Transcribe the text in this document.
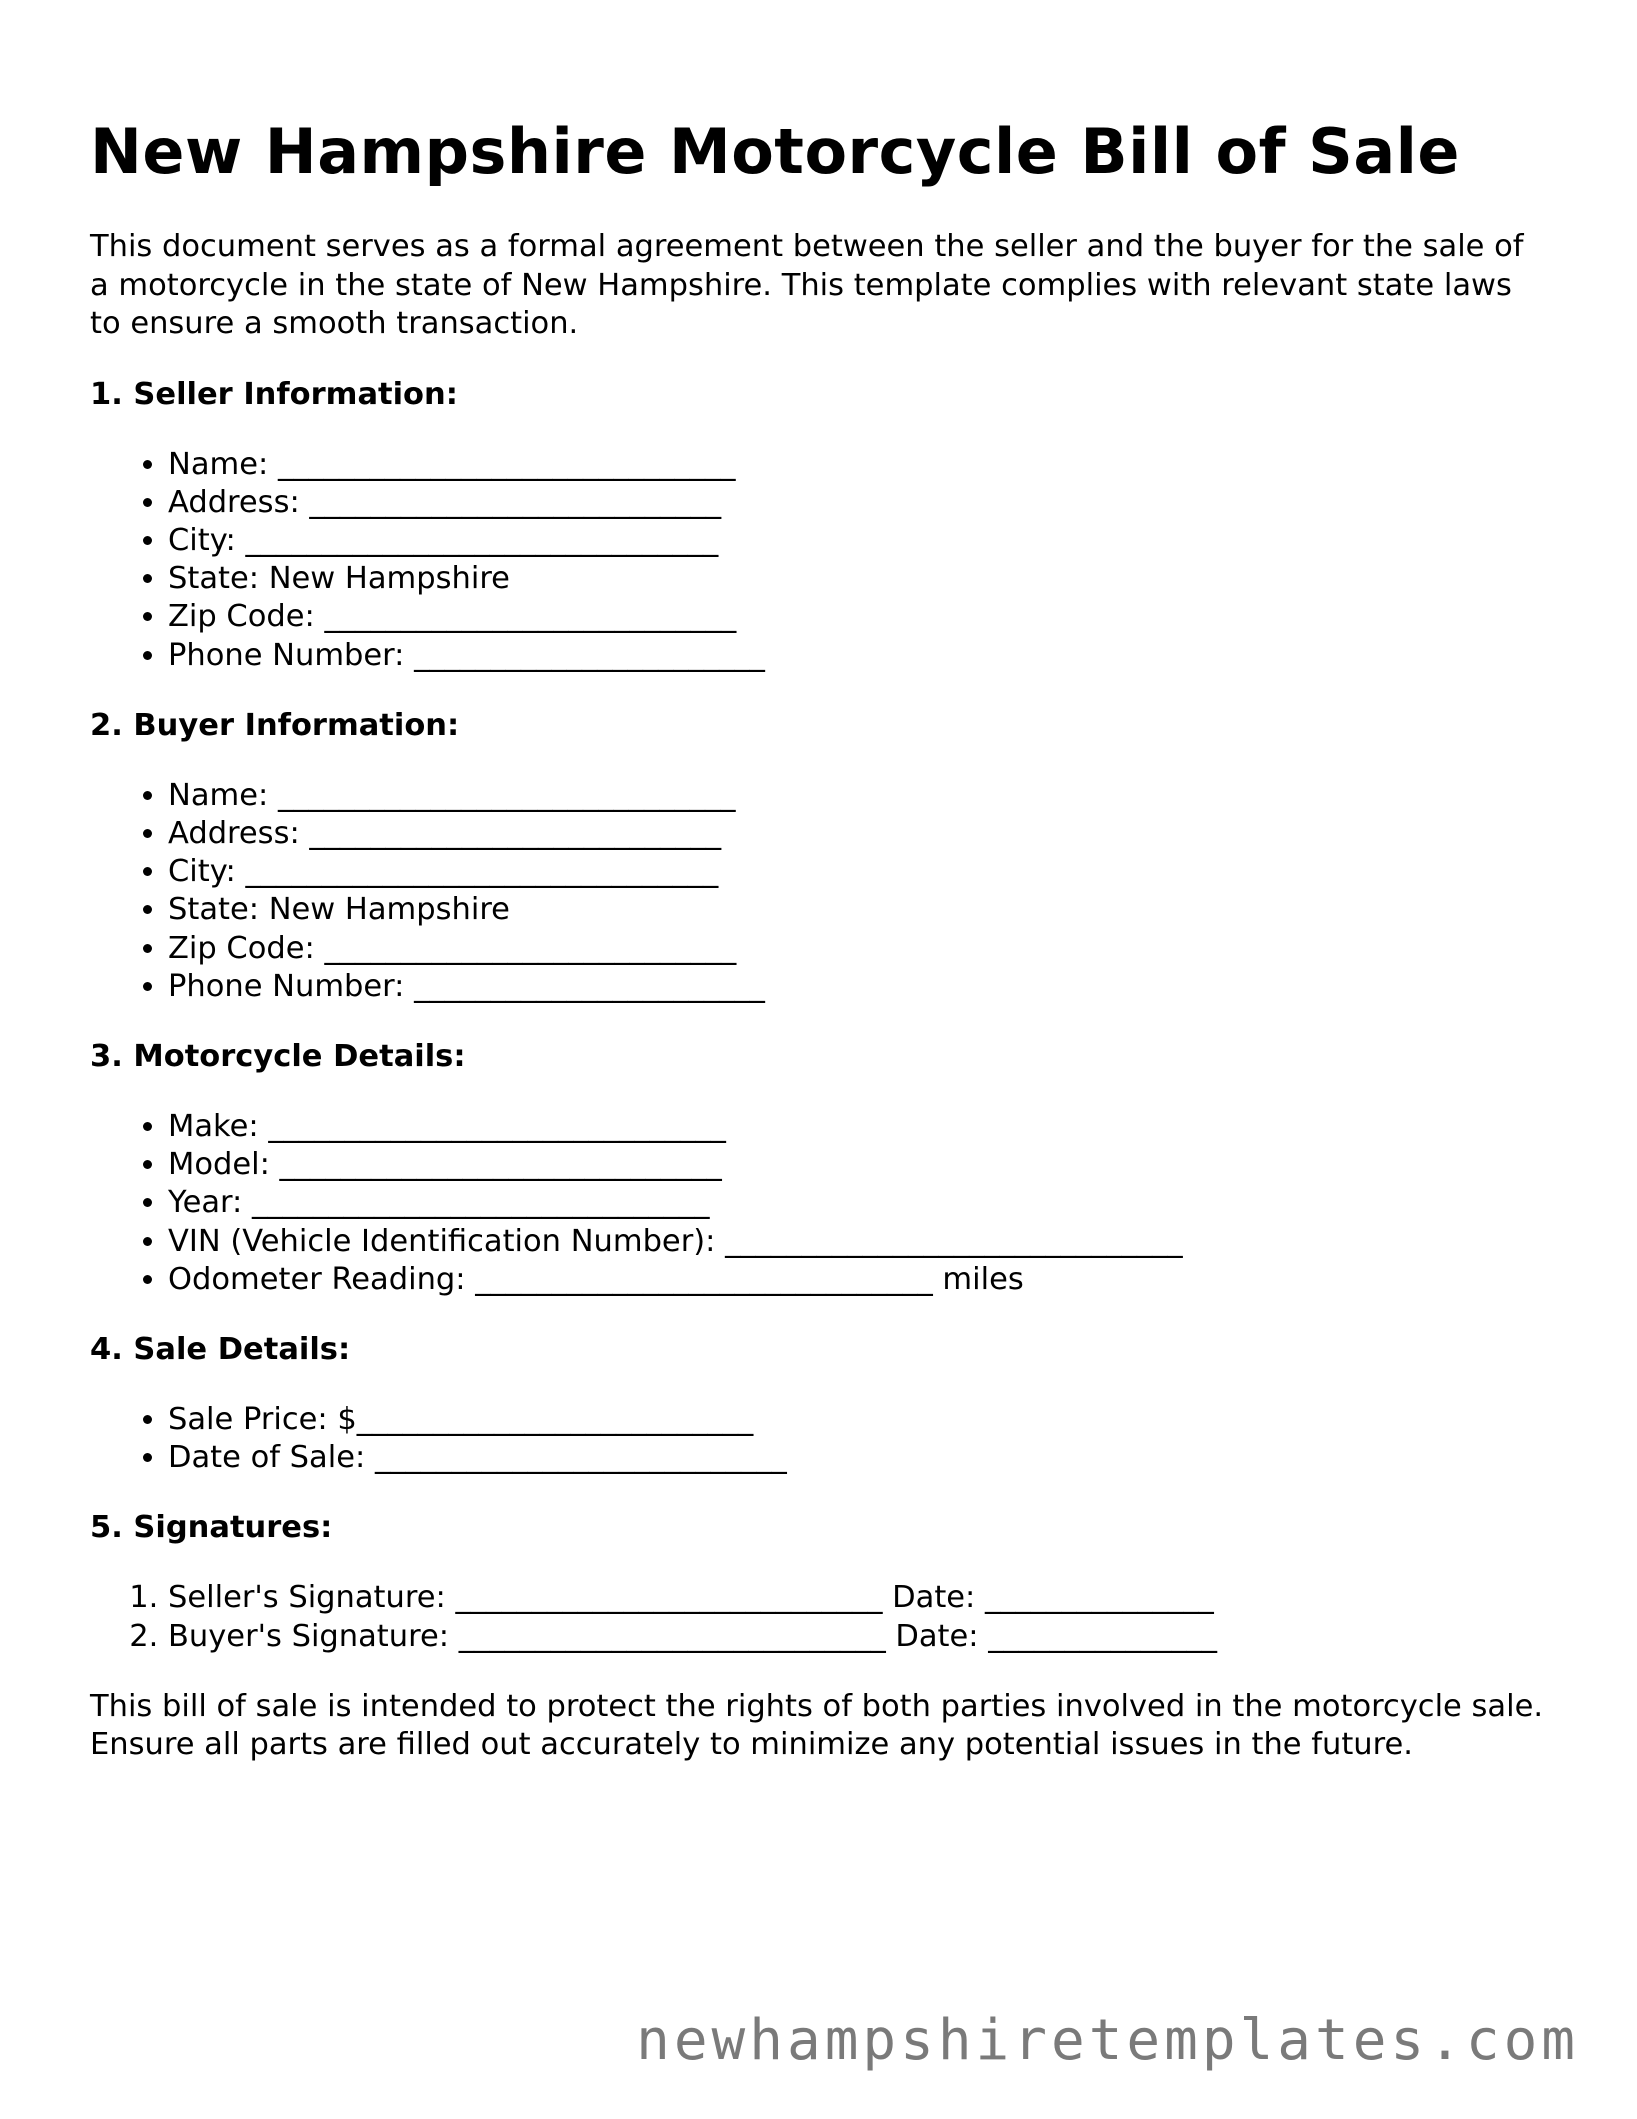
New Hampshire Motorcycle Bill of Sale

This document serves as a formal agreement between the seller and the buyer for the sale of a motorcycle in the state of New Hampshire. This template complies with relevant state laws to ensure a smooth transaction.

1. Seller Information:
• Name: ______________________________
• Address: ___________________________
• City: _______________________________
• State: New Hampshire
• Zip Code: ___________________________
• Phone Number: _______________________
2. Buyer Information:
• Name: ______________________________
• Address: ___________________________
• City: _______________________________
• State: New Hampshire
• Zip Code: ___________________________
• Phone Number: _______________________
3. Motorcycle Details:
• Make: ______________________________
• Model: _____________________________
• Year: ______________________________
• VIN (Vehicle Identification Number): ______________________________
• Odometer Reading: ______________________________ miles
4. Sale Details:
• Sale Price: $__________________________
• Date of Sale: ___________________________
5. Signatures:
1. Seller's Signature: ____________________________ Date: _______________
2. Buyer's Signature: ____________________________ Date: _______________

This bill of sale is intended to protect the rights of both parties involved in the motorcycle sale. Ensure all parts are filled out accurately to minimize any potential issues in the future.

newhampshiretemplates.com
